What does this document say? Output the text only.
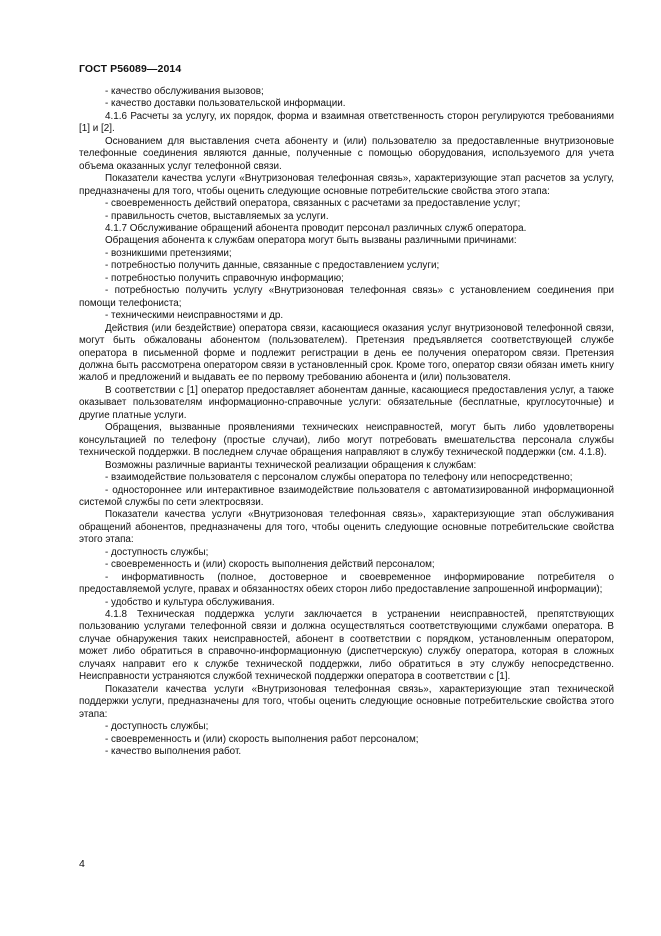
ГОСТ Р56089—2014

- качество обслуживания вызовов;

- качество доставки пользовательской информации.

4.1.6 Расчеты за услугу, их порядок, форма и взаимная ответственность сторон регулируются требованиями [1] и [2].

Основанием для выставления счета абоненту и (или) пользователю за предоставленные внутризоновые телефонные соединения являются данные, полученные с помощью оборудования, используемого для учета объема оказанных услуг телефонной связи.

Показатели качества услуги «Внутризоновая телефонная связь», характеризующие этап расчетов за услугу, предназначены для того, чтобы оценить следующие основные потребительские свойства этого этапа:

- своевременность действий оператора, связанных с расчетами за предоставление услуг;

- правильность счетов, выставляемых за услуги.

4.1.7 Обслуживание обращений абонента проводит персонал различных служб оператора.

Обращения абонента к службам оператора могут быть вызваны различными причинами:

- возникшими претензиями;

- потребностью получить данные, связанные с предоставлением услуги;

- потребностью получить справочную информацию;

- потребностью получить услугу «Внутризоновая телефонная связь» с установлением соединения при помощи телефониста;

- техническими неисправностями и др.

Действия (или бездействие) оператора связи, касающиеся оказания услуг внутризоновой телефонной связи, могут быть обжалованы абонентом (пользователем). Претензия предъявляется соответствующей службе оператора в письменной форме и подлежит регистрации в день ее получения оператором связи. Претензия должна быть рассмотрена оператором связи в установленный срок. Кроме того, оператор связи обязан иметь книгу жалоб и предложений и выдавать ее по первому требованию абонента и (или) пользователя.

В соответствии с [1] оператор предоставляет абонентам данные, касающиеся предоставления услуг, а также оказывает пользователям информационно-справочные услуги: обязательные (бесплатные, круглосуточные) и другие платные услуги.

Обращения, вызванные проявлениями технических неисправностей, могут быть либо удовлетворены консультацией по телефону (простые случаи), либо могут потребовать вмешательства персонала службы технической поддержки. В последнем случае обращения направляют в службу технической поддержки (см. 4.1.8).

Возможны различные варианты технической реализации обращения к службам:

- взаимодействие пользователя с персоналом службы оператора по телефону или непосредственно;

- одностороннее или интерактивное взаимодействие пользователя с автоматизированной информационной системой службы по сети электросвязи.

Показатели качества услуги «Внутризоновая телефонная связь», характеризующие этап обслуживания обращений абонентов, предназначены для того, чтобы оценить следующие основные потребительские свойства этого этапа:

- доступность службы;

- своевременность и (или) скорость выполнения действий персоналом;

- информативность (полное, достоверное и своевременное информирование потребителя о предоставляемой услуге, правах и обязанностях обеих сторон либо предоставление запрошенной информации);

- удобство и культура обслуживания.

4.1.8 Техническая поддержка услуги заключается в устранении неисправностей, препятствующих пользованию услугами телефонной связи и должна осуществляться соответствующими службами оператора. В случае обнаружения таких неисправностей, абонент в соответствии с порядком, установленным оператором, может либо обратиться в справочно-информационную (диспетчерскую) службу оператора, которая в сложных случаях направит его к службе технической поддержки, либо обратиться в эту службу непосредственно. Неисправности устраняются службой технической поддержки оператора в соответствии с [1].

Показатели качества услуги «Внутризоновая телефонная связь», характеризующие этап технической поддержки услуги, предназначены для того, чтобы оценить следующие основные потребительские свойства этого этапа:

- доступность службы;

- своевременность и (или) скорость выполнения работ персоналом;

- качество выполнения работ.

4
